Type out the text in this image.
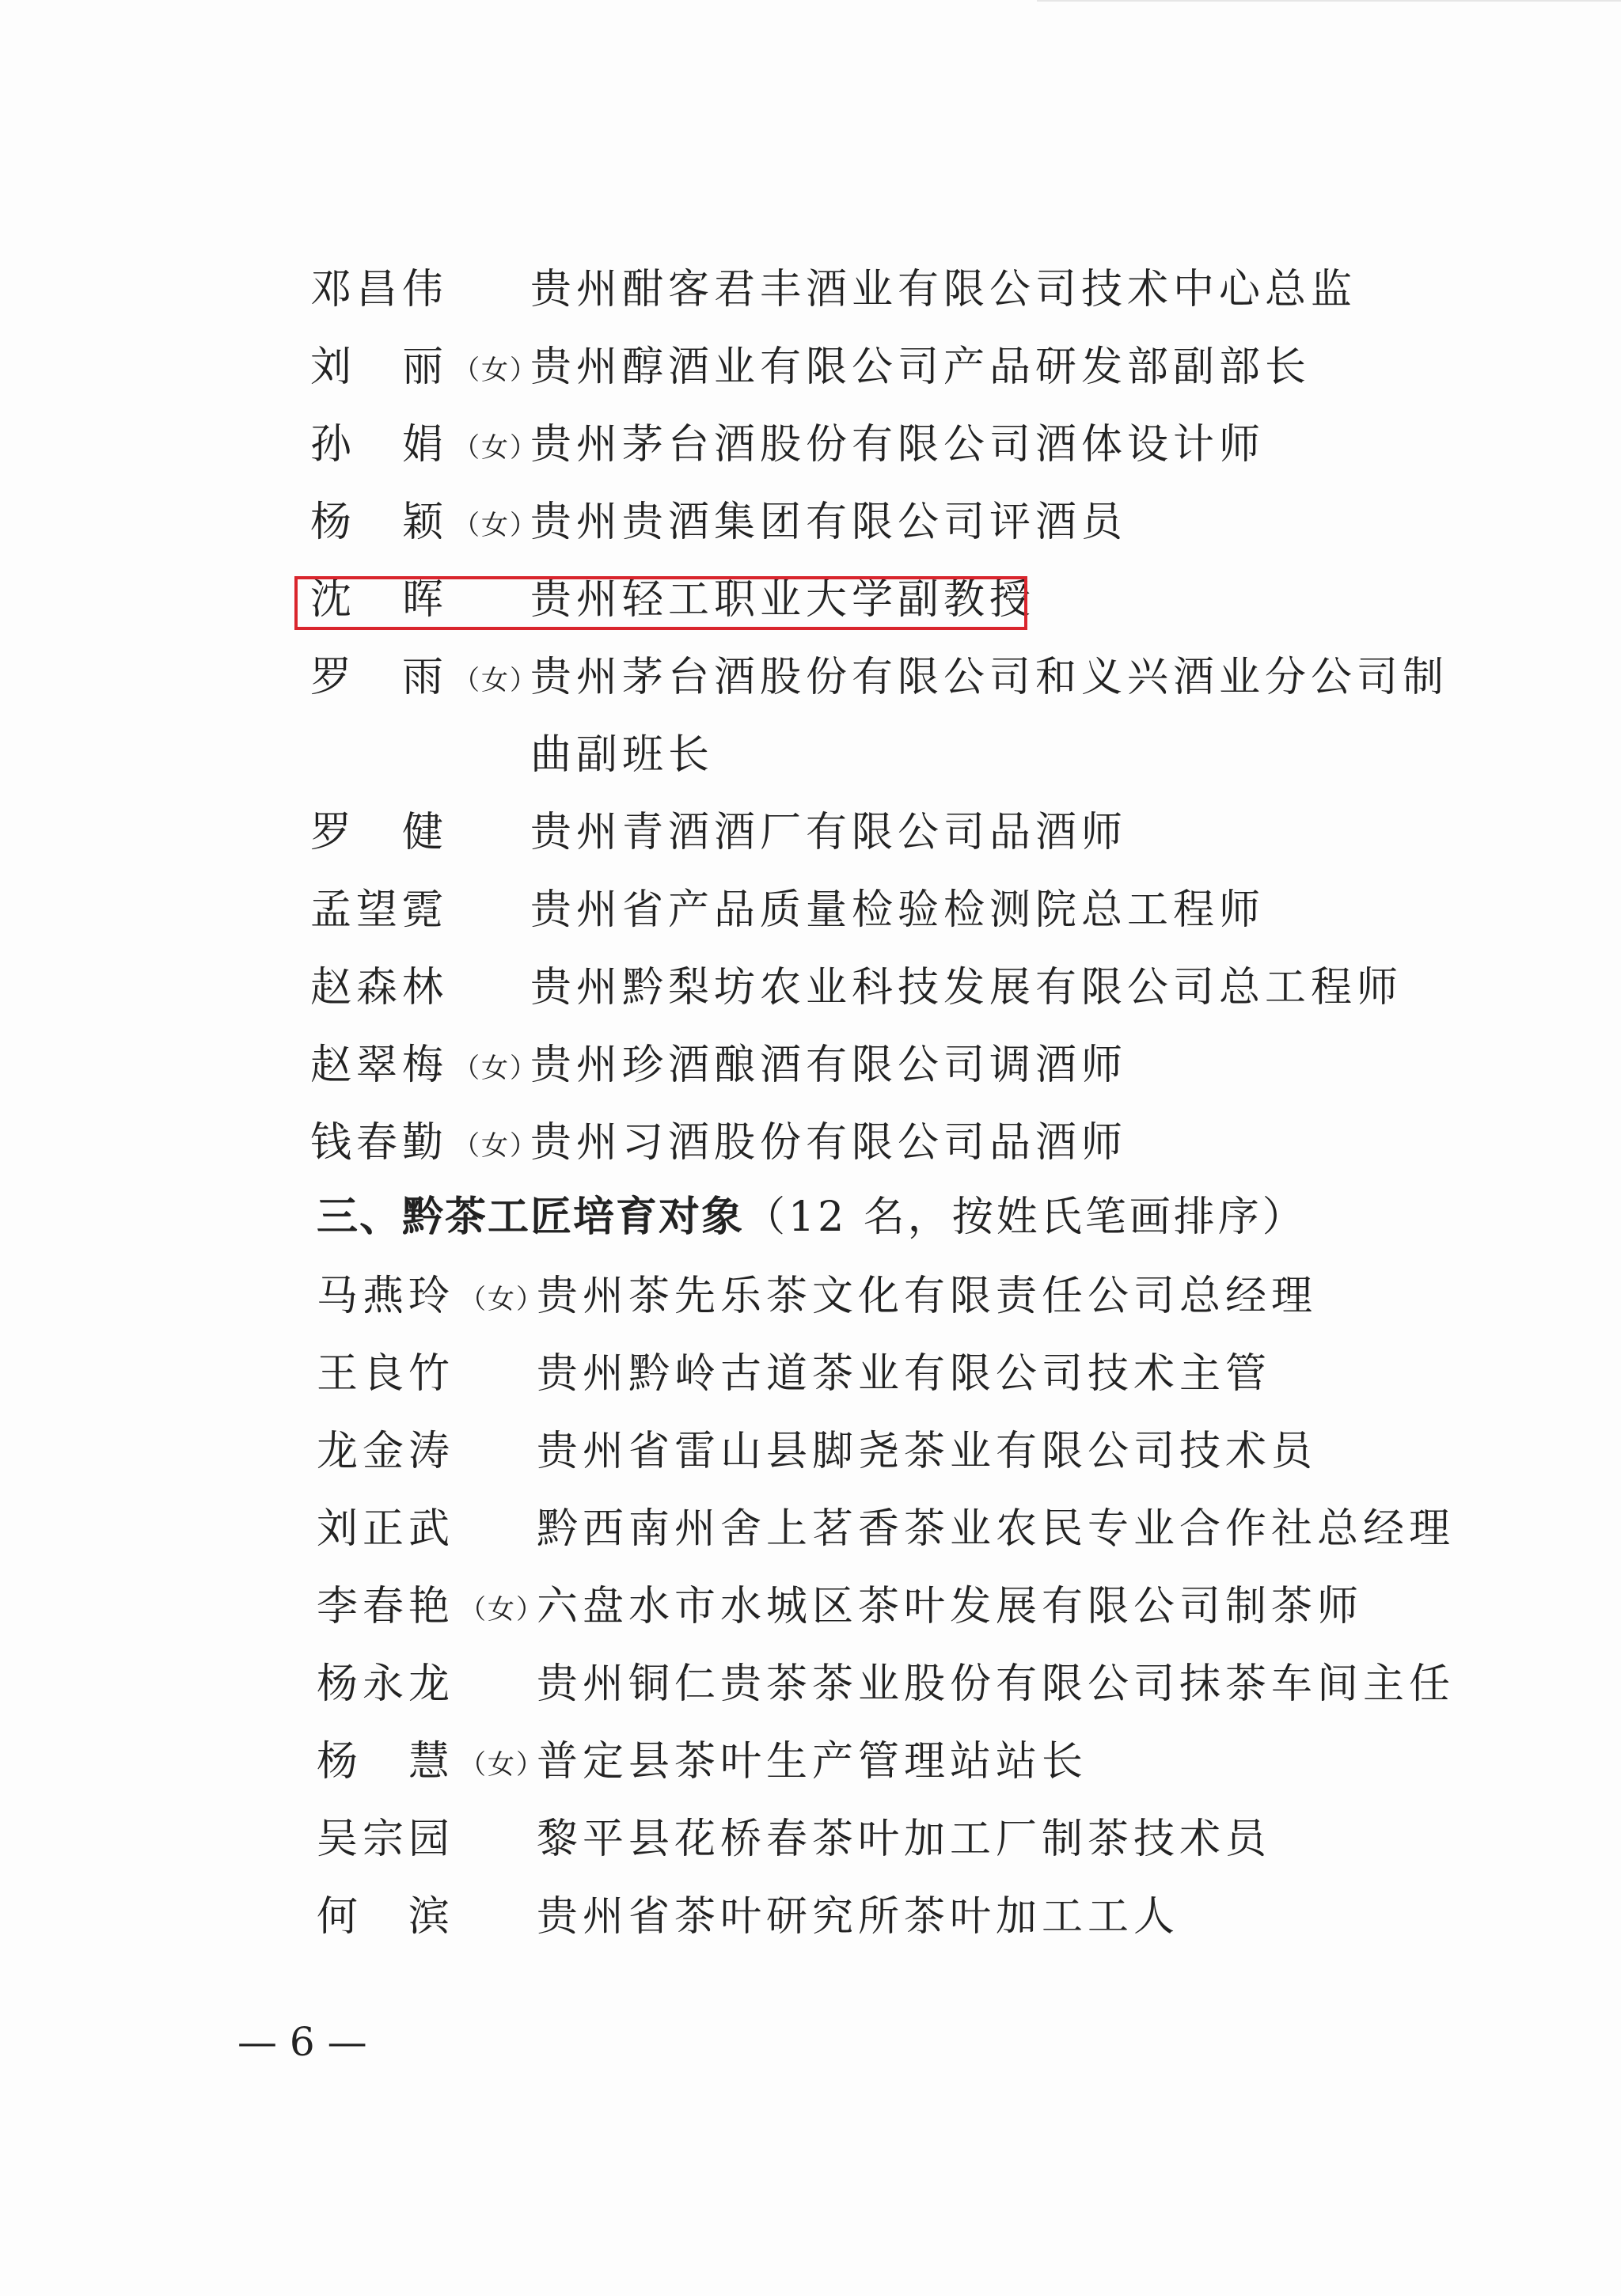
邓昌伟 贵州酣客君丰酒业有限公司技术中心总监
刘　丽 （女）
贵州醇酒业有限公司产品研发部副部长
孙　娟 （女）
贵州茅台酒股份有限公司酒体设计师
杨　颖 （女）
贵州贵酒集团有限公司评酒员
沈　晖 贵州轻工职业大学副教授
罗　雨 （女）
贵州茅台酒股份有限公司和义兴酒业分公司制
曲副班长
罗　健 贵州青酒酒厂有限公司品酒师
孟望霓 贵州省产品质量检验检测院总工程师
赵森林 贵州黔梨坊农业科技发展有限公司总工程师
赵翠梅 （女）
贵州珍酒酿酒有限公司调酒师
钱春勤 （女）
贵州习酒股份有限公司品酒师
三、黔茶工匠培育对象（12 名，按姓氏笔画排序）
马燕玲 （女）
贵州茶先乐茶文化有限责任公司总经理
王良竹 贵州黔岭古道茶业有限公司技术主管
龙金涛 贵州省雷山县脚尧茶业有限公司技术员
刘正武 黔西南州舍上茗香茶业农民专业合作社总经理
李春艳 （女）
六盘水市水城区茶叶发展有限公司制茶师
杨永龙 贵州铜仁贵茶茶业股份有限公司抹茶车间主任
杨　慧 （女）
普定县茶叶生产管理站站长
吴宗园 黎平县花桥春茶叶加工厂制茶技术员
何　滨 贵州省茶叶研究所茶叶加工工人
— 6 —
